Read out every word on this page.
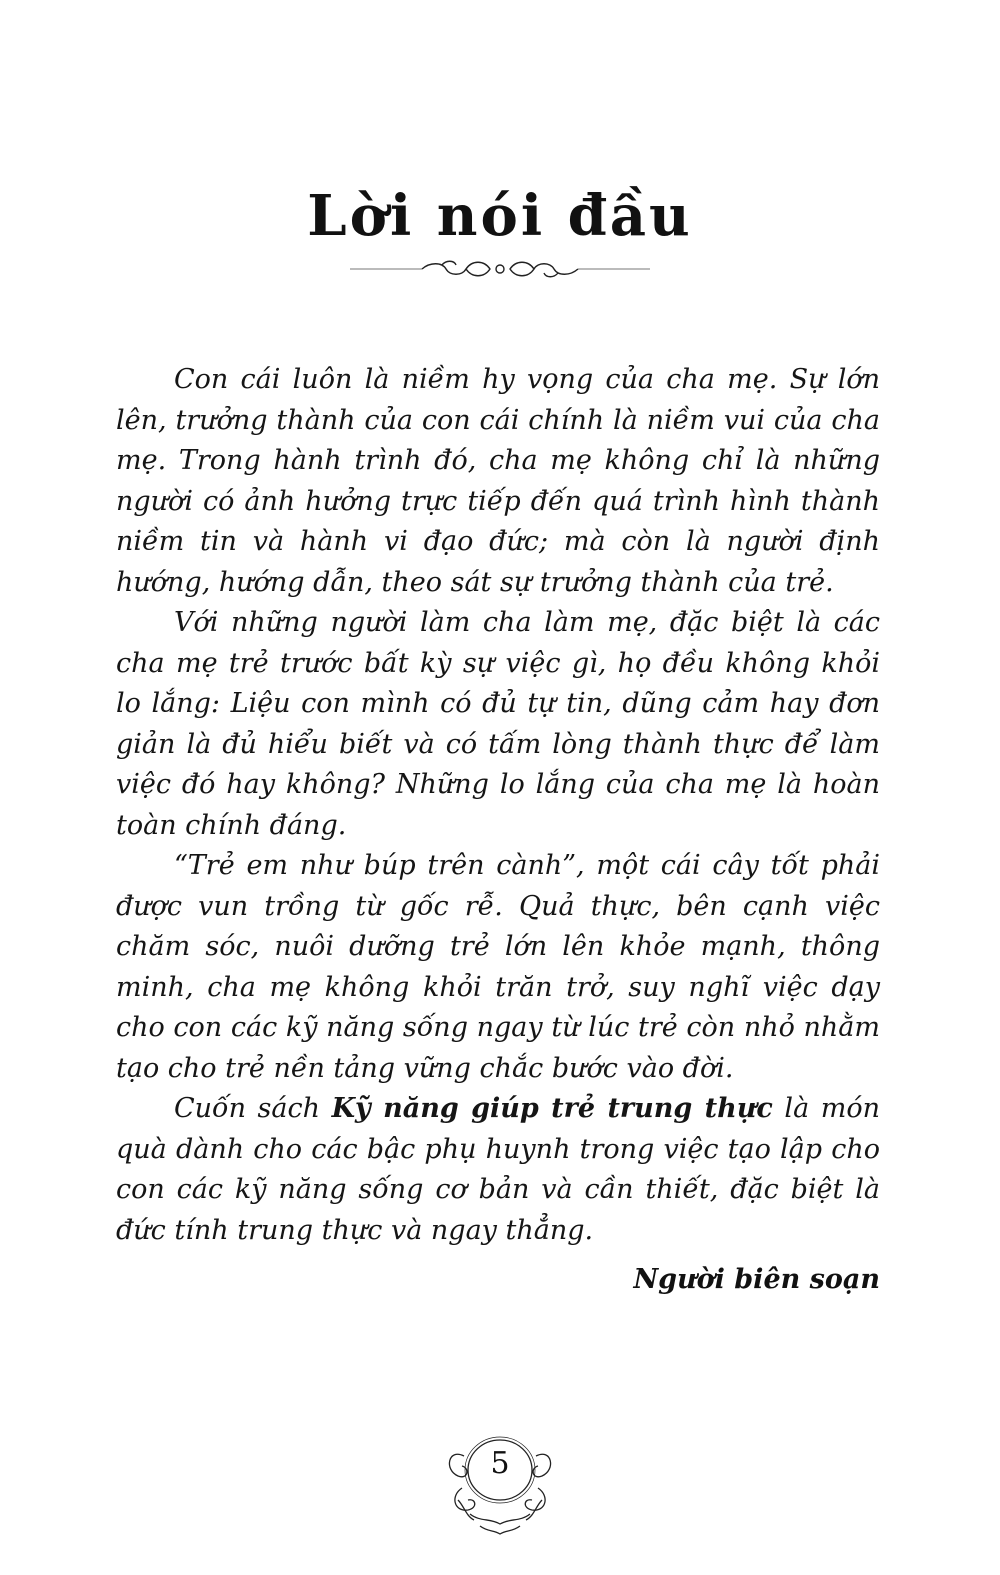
Lời nói đầu

Con cái luôn là niềm hy vọng của cha mẹ. Sự lớn lên, trưởng thành của con cái chính là niềm vui của cha mẹ. Trong hành trình đó, cha mẹ không chỉ là những người có ảnh hưởng trực tiếp đến quá trình hình thành niềm tin và hành vi đạo đức; mà còn là người định hướng, hướng dẫn, theo sát sự trưởng thành của trẻ.

Với những người làm cha làm mẹ, đặc biệt là các cha mẹ trẻ trước bất kỳ sự việc gì, họ đều không khỏi lo lắng: Liệu con mình có đủ tự tin, dũng cảm hay đơn giản là đủ hiểu biết và có tấm lòng thành thực để làm việc đó hay không? Những lo lắng của cha mẹ là hoàn toàn chính đáng.

“Trẻ em như búp trên cành”, một cái cây tốt phải được vun trồng từ gốc rễ. Quả thực, bên cạnh việc chăm sóc, nuôi dưỡng trẻ lớn lên khỏe mạnh, thông minh, cha mẹ không khỏi trăn trở, suy nghĩ việc dạy cho con các kỹ năng sống ngay từ lúc trẻ còn nhỏ nhằm tạo cho trẻ nền tảng vững chắc bước vào đời.

Cuốn sách Kỹ năng giúp trẻ trung thực là món quà dành cho các bậc phụ huynh trong việc tạo lập cho con các kỹ năng sống cơ bản và cần thiết, đặc biệt là đức tính trung thực và ngay thẳng.

Người biên soạn
5
